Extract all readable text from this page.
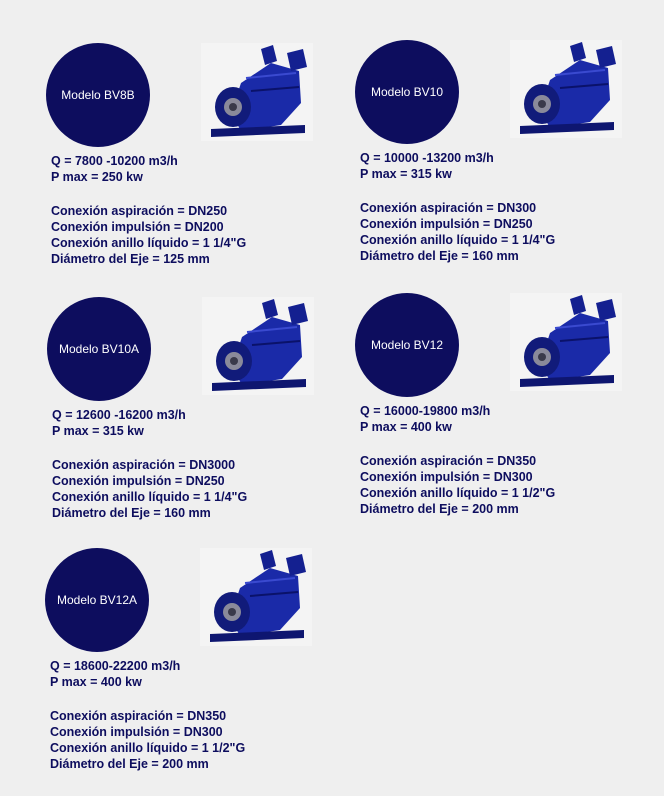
Modelo BV8B
Q = 7800 -10200 m3/h
P max = 250 kw
Conexión aspiración = DN250
Conexión impulsión = DN200
Conexión anillo líquido = 1 1/4"G
Diámetro del Eje = 125 mm
Modelo BV10
Q = 10000 -13200 m3/h
P max = 315 kw
Conexión aspiración = DN300
Conexión impulsión = DN250
Conexión anillo líquido = 1 1/4"G
Diámetro del Eje = 160 mm
Modelo BV10A
Q = 12600 -16200 m3/h
P max = 315 kw
Conexión aspiración = DN3000
Conexión impulsión = DN250
Conexión anillo líquido = 1 1/4"G
Diámetro del Eje = 160 mm
Modelo BV12
Q = 16000-19800 m3/h
P max = 400 kw
Conexión aspiración = DN350
Conexión impulsión = DN300
Conexión anillo líquido = 1 1/2"G
Diámetro del Eje = 200 mm
Modelo BV12A
Q = 18600-22200 m3/h
P max = 400 kw
Conexión aspiración = DN350
Conexión impulsión = DN300
Conexión anillo líquido = 1 1/2"G
Diámetro del Eje = 200 mm
